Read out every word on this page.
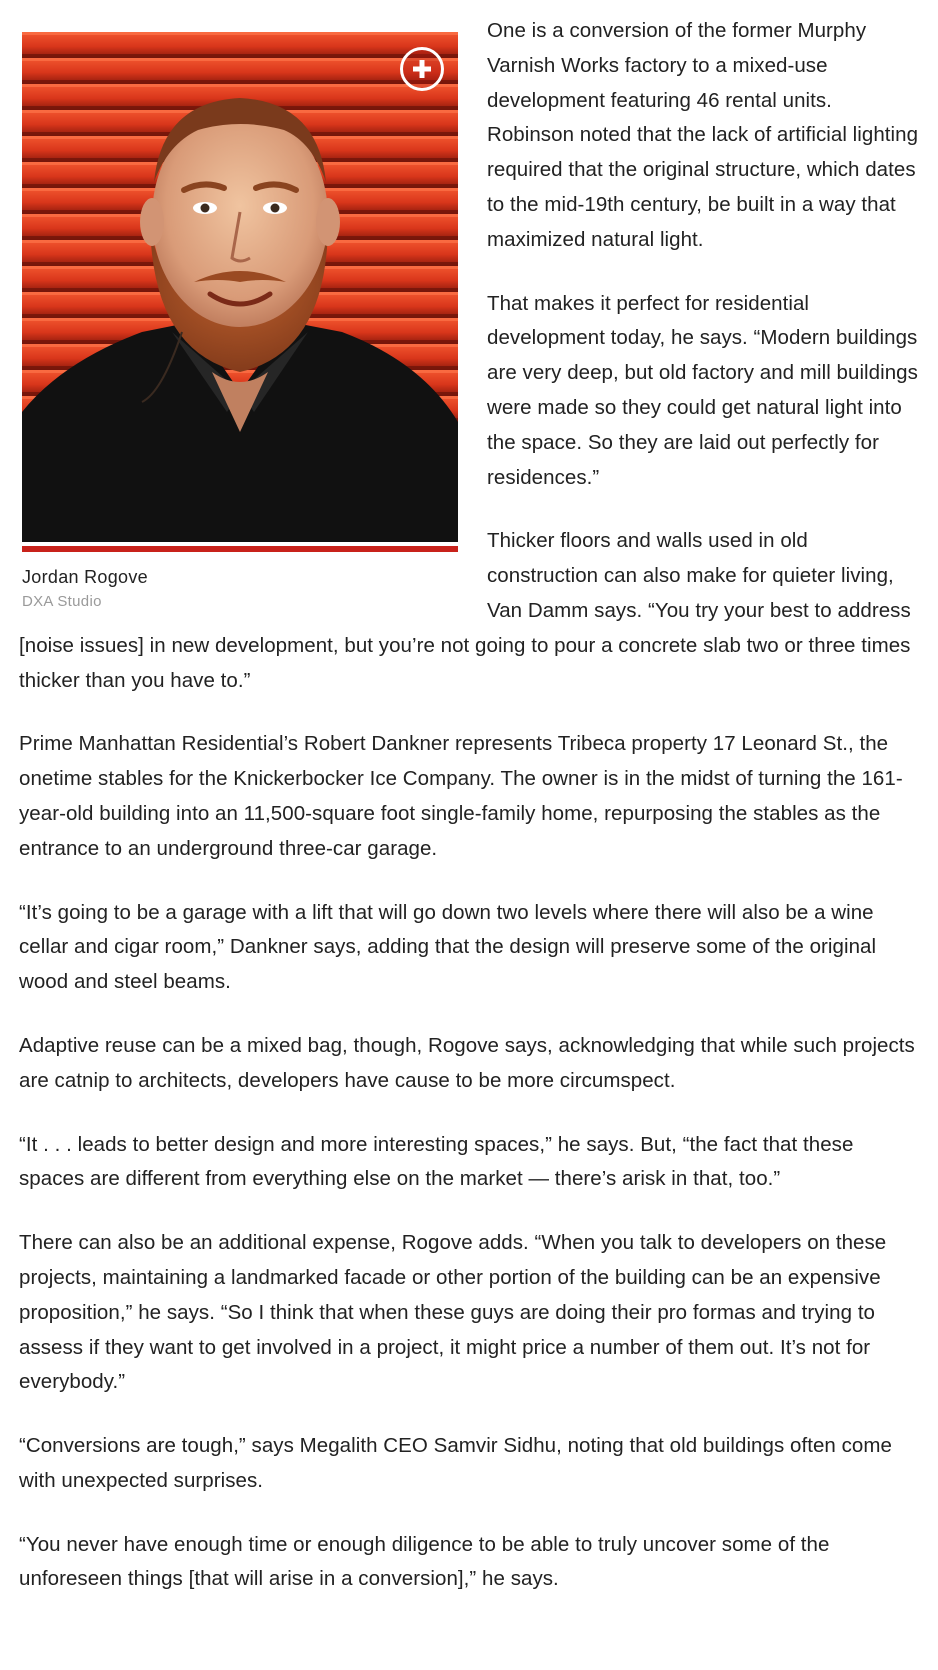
Jordan Rogove
DXA Studio

One is a conversion of the former Murphy Varnish Works factory to a mixed-use development featuring 46 rental units. Robinson noted that the lack of artificial lighting required that the original structure, which dates to the mid-19th century, be built in a way that maximized natural light.

That makes it perfect for residential development today, he says. “Modern buildings are very deep, but old factory and mill buildings were made so they could get natural light into the space. So they are laid out perfectly for residences.”

Thicker floors and walls used in old construction can also make for quieter living, Van Damm says. “You try your best to address [noise issues] in new development, but you’re not going to pour a concrete slab two or three times thicker than you have to.”

Prime Manhattan Residential’s Robert Dankner represents Tribeca property 17 Leonard St., the onetime stables for the Knickerbocker Ice Company. The owner is in the midst of turning the 161-year-old building into an 11,500-square foot single-family home, repurposing the stables as the entrance to an underground three-car garage.

“It’s going to be a garage with a lift that will go down two levels where there will also be a wine cellar and cigar room,” Dankner says, adding that the design will preserve some of the original wood and steel beams.

Adaptive reuse can be a mixed bag, though, Rogove says, acknowledging that while such projects are catnip to architects, developers have cause to be more circumspect.

“It . . . leads to better design and more interesting spaces,” he says. But, “the fact that these spaces are different from everything else on the market — there’s arisk in that, too.”

There can also be an additional expense, Rogove adds. “When you talk to developers on these projects, maintaining a landmarked facade or other portion of the building can be an expensive proposition,” he says. “So I think that when these guys are doing their pro formas and trying to assess if they want to get involved in a project, it might price a number of them out. It’s not for everybody.”

“Conversions are tough,” says Megalith CEO Samvir Sidhu, noting that old buildings often come with unexpected surprises.

“You never have enough time or enough diligence to be able to truly uncover some of the unforeseen things [that will arise in a conversion],” he says.
